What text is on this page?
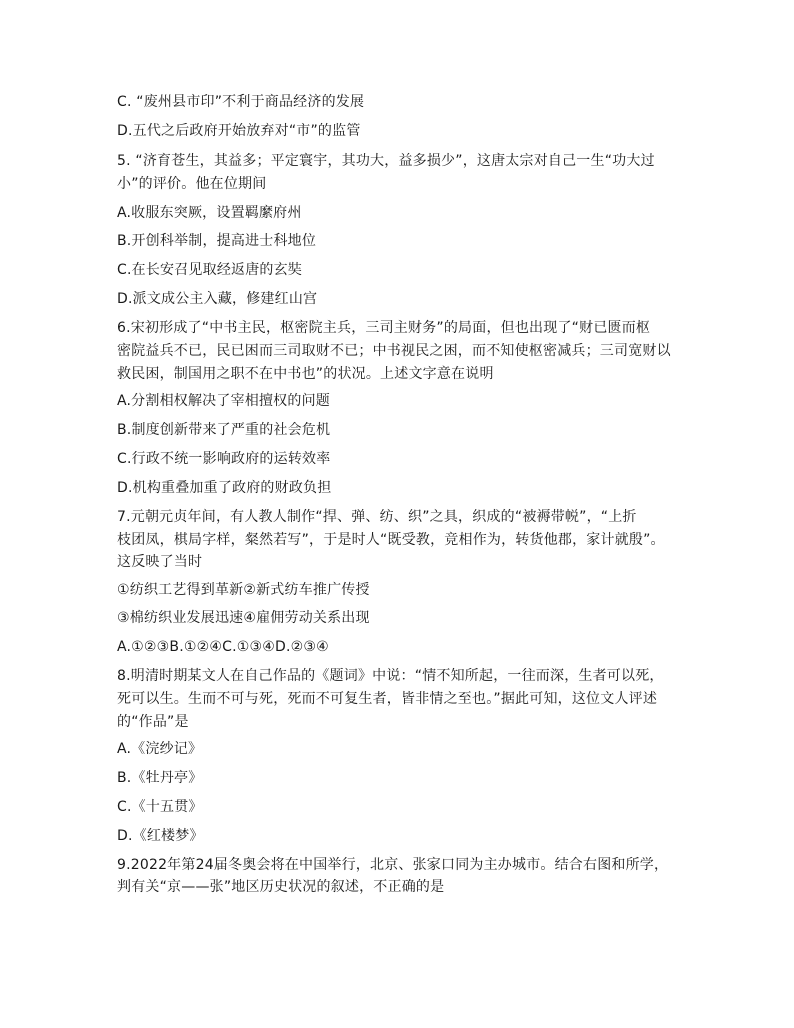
C. “废州县市印”不利于商品经济的发展
D.五代之后政府开始放弃对“市”的监管
5. “济育苍生，其益多；平定寰宇，其功大，益多损少”，这唐太宗对自己一生“功大过
小”的评价。他在位期间
A.收服东突厥，设置羁縻府州
B.开创科举制，提高进士科地位
C.在长安召见取经返唐的玄奘
D.派文成公主入藏，修建红山宫
6.宋初形成了“中书主民，枢密院主兵，三司主财务”的局面，但也出现了“财已匮而枢
密院益兵不已，民已困而三司取财不已；中书视民之困，而不知使枢密减兵；三司宽财以
救民困，制国用之职不在中书也”的状况。上述文字意在说明
A.分割相权解决了宰相擅权的问题
B.制度创新带来了严重的社会危机
C.行政不统一影响政府的运转效率
D.机构重叠加重了政府的财政负担
7.元朝元贞年间，有人教人制作“捍、弹、纺、织”之具，织成的“被褥带帨”，“上折
枝团凤，棋局字样，粲然若写”，于是时人“既受教，竞相作为，转货他郡，家计就殷”。
这反映了当时
①纺织工艺得到革新②新式纺车推广传授
③棉纺织业发展迅速④雇佣劳动关系出现
A.①②③B.①②④C.①③④D.②③④
8.明清时期某文人在自己作品的《题词》中说：“情不知所起，一往而深，生者可以死，
死可以生。生而不可与死，死而不可复生者，皆非情之至也。”据此可知，这位文人评述
的“作品”是
A.《浣纱记》
B.《牡丹亭》
C.《十五贯》
D.《红楼梦》
9.2022年第24届冬奥会将在中国举行，北京、张家口同为主办城市。结合右图和所学，
判有关“京——张”地区历史状况的叙述，不正确的是
